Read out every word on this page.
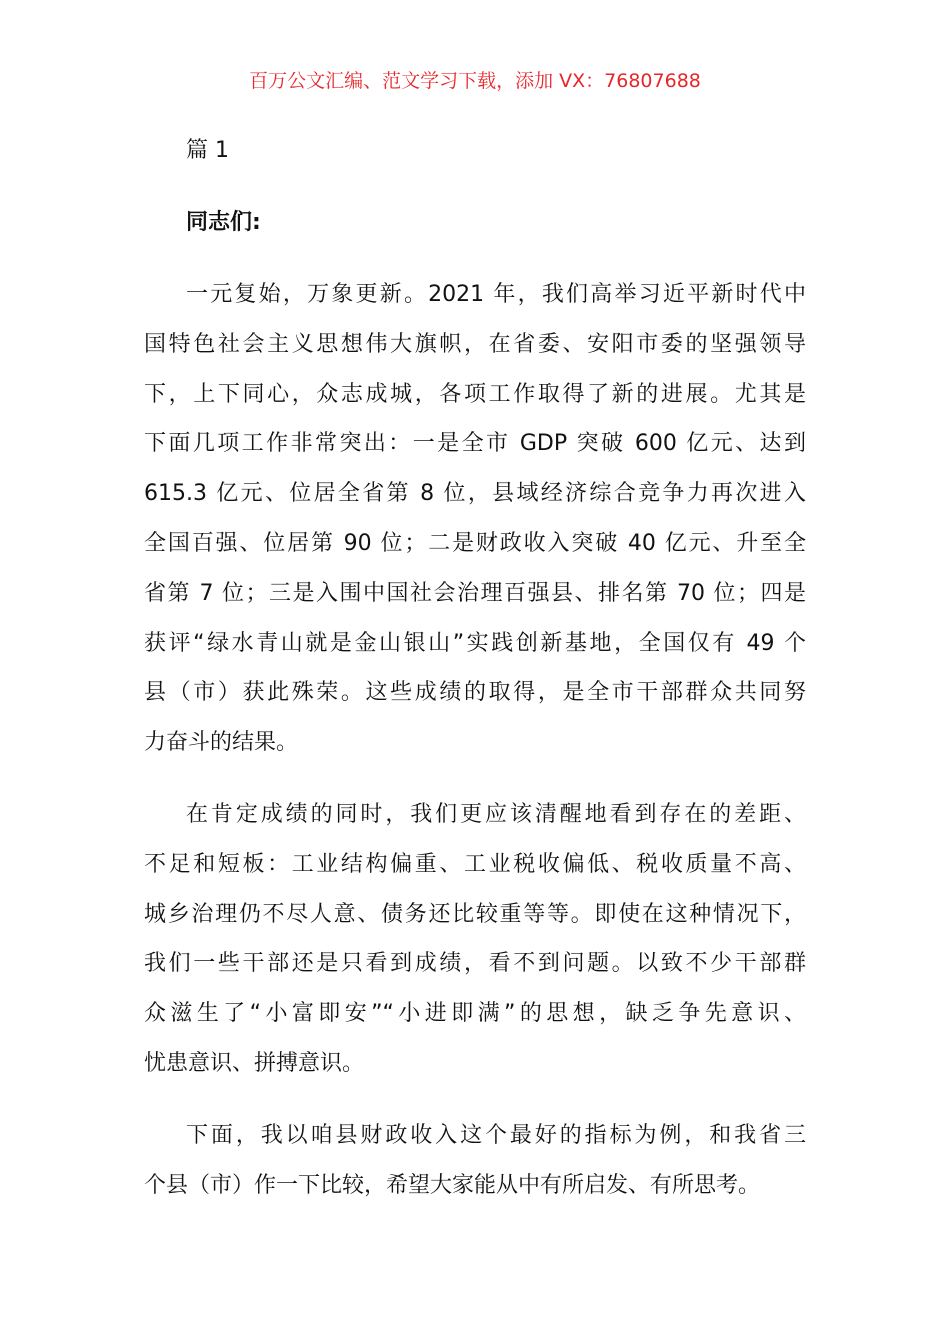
百万公文汇编、范文学习下载，添加 VX：76807688
篇 1
同志们:
一元复始，万象更新。2021 年，我们高举习近平新时代中
国特色社会主义思想伟大旗帜，在省委、安阳市委的坚强领导
下，上下同心，众志成城，各项工作取得了新的进展。尤其是
下面几项工作非常突出：一是全市 GDP 突破 600 亿元、达到
615.3 亿元、位居全省第 8 位，县域经济综合竞争力再次进入
全国百强、位居第 90 位；二是财政收入突破 40 亿元、升至全
省第 7 位；三是入围中国社会治理百强县、排名第 70 位；四是
获评“绿水青山就是金山银山”实践创新基地，全国仅有 49 个
县（市）获此殊荣。这些成绩的取得，是全市干部群众共同努
力奋斗的结果。
在肯定成绩的同时，我们更应该清醒地看到存在的差距、
不足和短板：工业结构偏重、工业税收偏低、税收质量不高、
城乡治理仍不尽人意、债务还比较重等等。即使在这种情况下，
我们一些干部还是只看到成绩，看不到问题。以致不少干部群
众滋生了“小富即安”“小进即满”的思想，缺乏争先意识、
忧患意识、拼搏意识。
下面，我以咱县财政收入这个最好的指标为例，和我省三
个县（市）作一下比较，希望大家能从中有所启发、有所思考。
